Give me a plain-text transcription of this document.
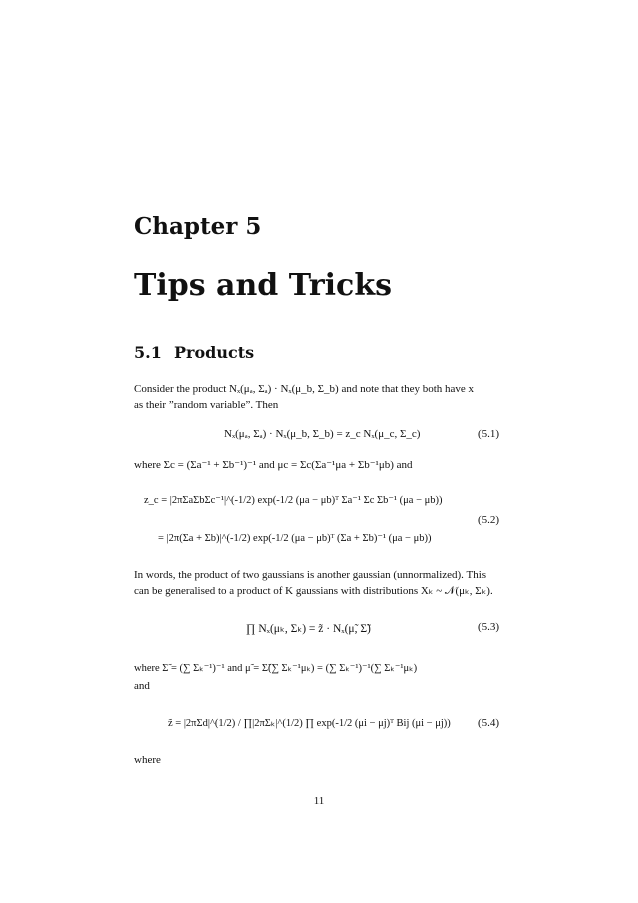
Chapter 5
Tips and Tricks
5.1 Products
Consider the product Nₓ(μₐ, Σₐ) · Nₓ(μ_b, Σ_b) and note that they both have x
as their ”random variable”. Then
Nₓ(μₐ, Σₐ) · Nₓ(μ_b, Σ_b) = z_c Nₓ(μ_c, Σ_c)	(5.1)
where Σc = (Σa⁻¹ + Σb⁻¹)⁻¹ and μc = Σc(Σa⁻¹μa + Σb⁻¹μb) and
z_c = |2πΣaΣbΣc⁻¹|^(-1/2) exp(-1/2 (μa − μb)ᵀ Σa⁻¹ Σc Σb⁻¹ (μa − μb))
= |2π(Σa + Σb)|^(-1/2) exp(-1/2 (μa − μb)ᵀ (Σa + Σb)⁻¹ (μa − μb))
(5.2)
In words, the product of two gaussians is another gaussian (unnormalized). This
can be generalised to a product of K gaussians with distributions Xₖ ~ 𝒩(μₖ, Σₖ).
∏ Nₓ(μₖ, Σₖ) = z̃ · Nₓ(μ̃, Σ̃)	(5.3)
where Σ̃ = (∑ Σₖ⁻¹)⁻¹ and μ̃ = Σ̃(∑ Σₖ⁻¹μₖ) = (∑ Σₖ⁻¹)⁻¹(∑ Σₖ⁻¹μₖ)
and
z̃ = |2πΣd|^(1/2) / ∏|2πΣₖ|^(1/2) ∏ exp(-1/2 (μi − μj)ᵀ Bij (μi − μj)) (5.4)
where
11
